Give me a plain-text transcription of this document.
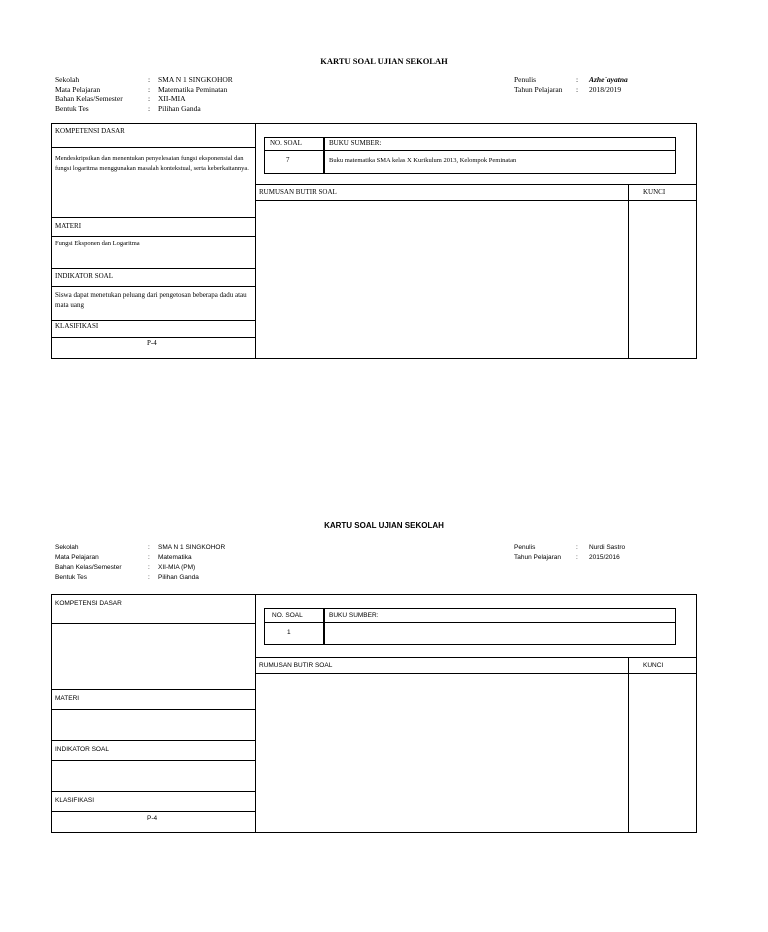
KARTU SOAL UJIAN SEKOLAH
Sekolah	: SMA N 1 SINGKOHOR
Mata Pelajaran	: Matematika Peminatan
Bahan Kelas/Semester	: XII-MIA
Bentuk Tes	: Pilihan Ganda
Penulis	: Azhe`ayatna
Tahun Pelajaran : 2018/2019
KOMPETENSI DASAR
Mendeskripsikan dan menentukan penyelesaian fungsi eksponensial dan fungsi logaritma menggunakan masalah kontekstual, serta keberkaitannya.
MATERI
Fungsi Eksponen dan Logaritma
INDIKATOR SOAL
Siswa dapat menetukan peluang dari pengetosan beberapa dadu atau mata uang
KLASIFIKASI
P-4
NO. SOAL
7
BUKU SUMBER:
Buku matematika SMA kelas X Kurikulum 2013, Kelompok Peminatan
RUMUSAN BUTIR SOAL	KUNCI
KARTU SOAL UJIAN SEKOLAH
Sekolah	: SMA N 1 SINGKOHOR
Mata Pelajaran	: Matematika
Bahan Kelas/Semester	: XII-MIA (PM)
Bentuk Tes	: Pilihan Ganda
Penulis	: Nurdi Sastro
Tahun Pelajaran : 2015/2016
KOMPETENSI DASAR
MATERI
INDIKATOR SOAL
KLASIFIKASI
P-4
NO. SOAL
1
BUKU SUMBER:
RUMUSAN BUTIR SOAL	KUNCI
